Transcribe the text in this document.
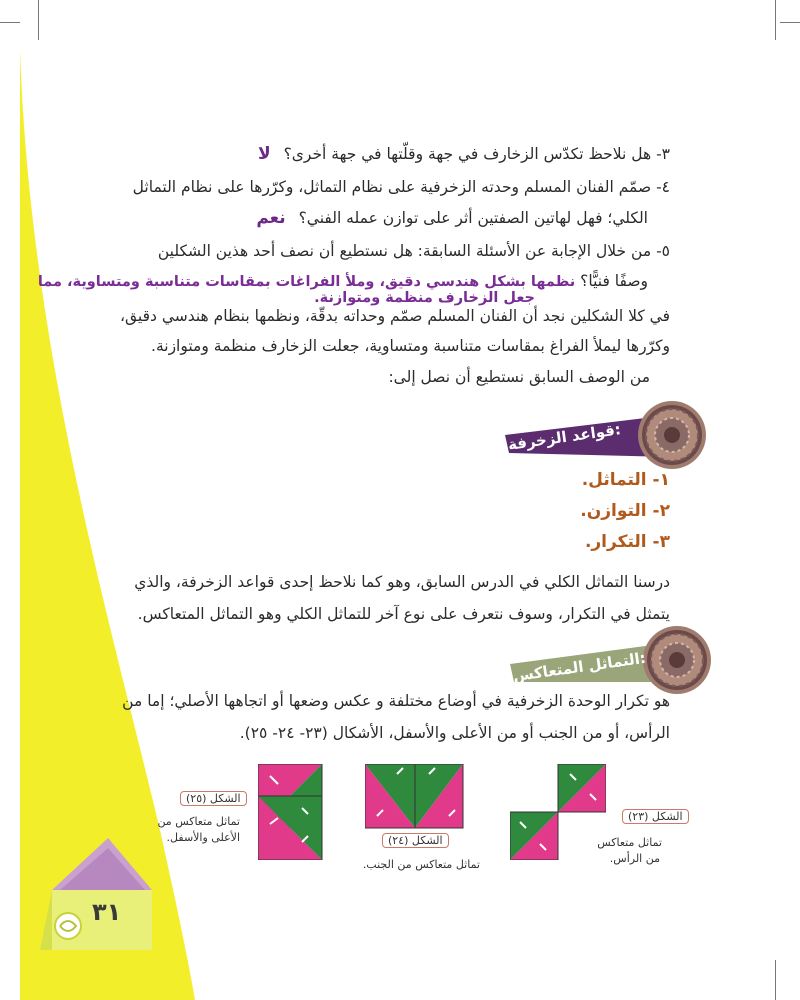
٣١
٣- هل نلاحظ تكدّس الزخارف في جهة وقلّتها في جهة أخرى؟ لا
٤- صمّم الفنان المسلم وحدته الزخرفية على نظام التماثل، وكرّرها على نظام التماثل
الكلي؛ فهل لهاتين الصفتين أثر على توازن عمله الفني؟ نعم
٥- من خلال الإجابة عن الأسئلة السابقة: هل نستطيع أن نصف أحد هذين الشكلين
وصفًا فنيًّا؟ نظمها بشكل هندسي دقيق، وملأ الفراغات بمقاسات متناسبة ومتساوية، مما
جعل الزخارف منظمة ومتوازنة.
في كلا الشكلين نجد أن الفنان المسلم صمّم وحداته بدقّة، ونظمها بنظام هندسي دقيق،
وكرّرها ليملأ الفراغ بمقاسات متناسبة ومتساوية، جعلت الزخارف منظمة ومتوازنة.
من الوصف السابق نستطيع أن نصل إلى:
قواعد الزخرفة:
١- التماثل.
٢- التوازن.
٣- التكرار.
درسنا التماثل الكلي في الدرس السابق، وهو كما نلاحظ إحدى قواعد الزخرفة، والذي
يتمثل في التكرار، وسوف نتعرف على نوع آخر للتماثل الكلي وهو التماثل المتعاكس.
التماثل المتعاكس:
هو تكرار الوحدة الزخرفية في أوضاع مختلفة و عكس وضعها أو اتجاهها الأصلي؛ إما من
الرأس، أو من الجنب أو من الأعلى والأسفل، الأشكال (٢٣- ٢٤- ٢٥).
الشكل (٢٥)
تماثل متعاكس من
الأعلى والأسفل.	الشكل (٢٤)
تماثل متعاكس من الجنب.
الشكل (٢٣)
تماثل متعاكس
من الرأس.
